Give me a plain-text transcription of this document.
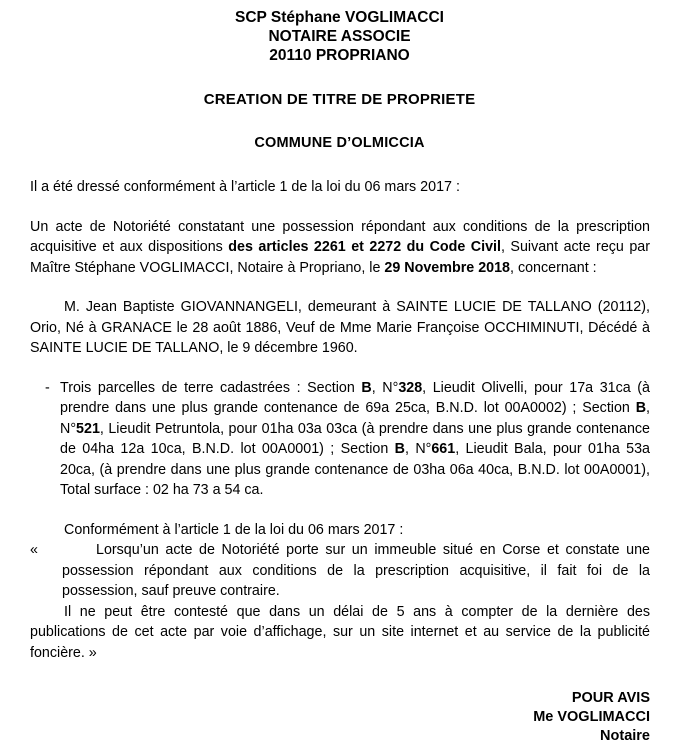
SCP Stéphane VOGLIMACCI
NOTAIRE ASSOCIE
20110 PROPRIANO
CREATION DE TITRE DE PROPRIETE
COMMUNE D’OLMICCIA

Il a été dressé conformément à l’article 1 de la loi du 06 mars 2017 :

Un acte de Notoriété constatant une possession répondant aux conditions de la prescription acquisitive et aux dispositions des articles 2261 et 2272 du Code Civil, Suivant acte reçu par Maître Stéphane VOGLIMACCI, Notaire à Propriano, le 29 Novembre 2018, concernant :

M. Jean Baptiste GIOVANNANGELI, demeurant à SAINTE LUCIE DE TALLANO (20112), Orio, Né à GRANACE le 28 août 1886, Veuf de Mme Marie Françoise OCCHIMINUTI, Décédé à SAINTE LUCIE DE TALLANO, le 9 décembre 1960.

- Trois parcelles de terre cadastrées : Section B, N°328, Lieudit Olivelli, pour 17a 31ca (à prendre dans une plus grande contenance de 69a 25ca, B.N.D. lot 00A0002) ; Section B, N°521, Lieudit Petruntola, pour 01ha 03a 03ca (à prendre dans une plus grande contenance de 04ha 12a 10ca, B.N.D. lot 00A0001) ; Section B, N°661, Lieudit Bala, pour 01ha 53a 20ca, (à prendre dans une plus grande contenance de 03ha 06a 40ca, B.N.D. lot 00A0001), Total surface : 02 ha 73 a 54 ca.

Conformément à l’article 1 de la loi du 06 mars 2017 :

«	Lorsqu’un acte de Notoriété porte sur un immeuble situé en Corse et constate une possession répondant aux conditions de la prescription acquisitive, il fait foi de la possession, sauf preuve contraire.

Il ne peut être contesté que dans un délai de 5 ans à compter de la dernière des publications de cet acte par voie d’affichage, sur un site internet et au service de la publicité foncière. »

POUR AVIS
Me VOGLIMACCI
Notaire
